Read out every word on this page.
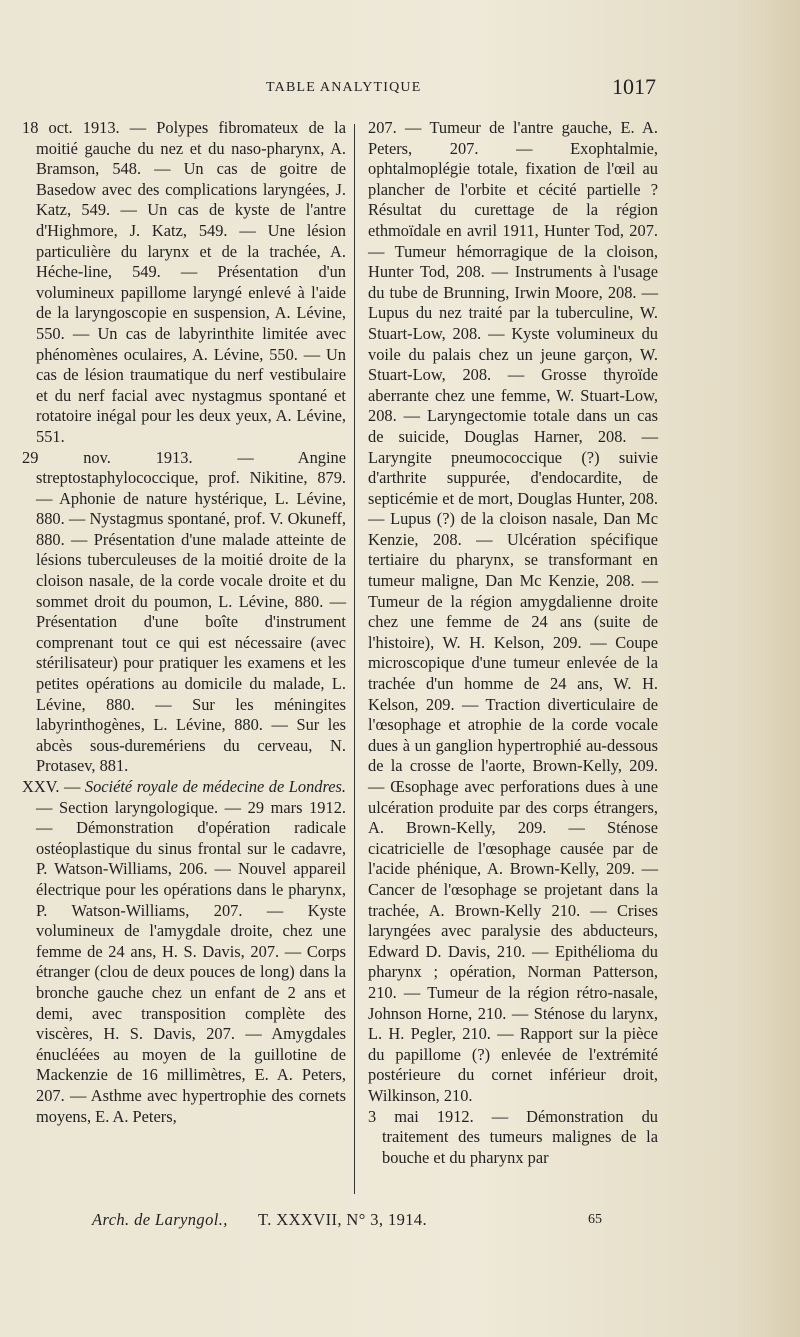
TABLE ANALYTIQUE	1017

18 oct. 1913. — Polypes fibromateux de la moitié gauche du nez et du naso-pharynx, A. Bramson, 548. — Un cas de goitre de Basedow avec des complications laryngées, J. Katz, 549. — Un cas de kyste de l'antre d'Highmore, J. Katz, 549. — Une lésion particulière du larynx et de la trachée, A. Héche-line, 549. — Présentation d'un volumineux papillome laryngé enlevé à l'aide de la laryngoscopie en suspension, A. Lévine, 550. — Un cas de labyrinthite limitée avec phénomènes oculaires, A. Lévine, 550. — Un cas de lésion traumatique du nerf vestibulaire et du nerf facial avec nystagmus spontané et rotatoire inégal pour les deux yeux, A. Lévine, 551.

29 nov. 1913. — Angine streptostaphylococcique, prof. Nikitine, 879. — Aphonie de nature hystérique, L. Lévine, 880. — Nystagmus spontané, prof. V. Okuneff, 880. — Présentation d'une malade atteinte de lésions tuberculeuses de la moitié droite de la cloison nasale, de la corde vocale droite et du sommet droit du poumon, L. Lévine, 880. — Présentation d'une boîte d'instrument comprenant tout ce qui est nécessaire (avec stérilisateur) pour pratiquer les examens et les petites opérations au domicile du malade, L. Lévine, 880. — Sur les méningites labyrinthogènes, L. Lévine, 880. — Sur les abcès sous-duremériens du cerveau, N. Protasev, 881.

XXV. — Société royale de médecine de Londres. — Section laryngologique. — 29 mars 1912. — Démonstration d'opération radicale ostéoplastique du sinus frontal sur le cadavre, P. Watson-Williams, 206. — Nouvel appareil électrique pour les opérations dans le pharynx, P. Watson-Williams, 207. — Kyste volumineux de l'amygdale droite, chez une femme de 24 ans, H. S. Davis, 207. — Corps étranger (clou de deux pouces de long) dans la bronche gauche chez un enfant de 2 ans et demi, avec transposition complète des viscères, H. S. Davis, 207. — Amygdales énucléées au moyen de la guillotine de Mackenzie de 16 millimètres, E. A. Peters, 207. — Asthme avec hypertrophie des cornets moyens, E. A. Peters,

207. — Tumeur de l'antre gauche, E. A. Peters, 207. — Exophtalmie, ophtalmoplégie totale, fixation de l'œil au plancher de l'orbite et cécité partielle ? Résultat du curettage de la région ethmoïdale en avril 1911, Hunter Tod, 207. — Tumeur hémorragique de la cloison, Hunter Tod, 208. — Instruments à l'usage du tube de Brunning, Irwin Moore, 208. — Lupus du nez traité par la tuberculine, W. Stuart-Low, 208. — Kyste volumineux du voile du palais chez un jeune garçon, W. Stuart-Low, 208. — Grosse thyroïde aberrante chez une femme, W. Stuart-Low, 208. — Laryngectomie totale dans un cas de suicide, Douglas Harner, 208. — Laryngite pneumococcique (?) suivie d'arthrite suppurée, d'endocardite, de septicémie et de mort, Douglas Hunter, 208. — Lupus (?) de la cloison nasale, Dan Mc Kenzie, 208. — Ulcération spécifique tertiaire du pharynx, se transformant en tumeur maligne, Dan Mc Kenzie, 208. — Tumeur de la région amygdalienne droite chez une femme de 24 ans (suite de l'histoire), W. H. Kelson, 209. — Coupe microscopique d'une tumeur enlevée de la trachée d'un homme de 24 ans, W. H. Kelson, 209. — Traction diverticulaire de l'œsophage et atrophie de la corde vocale dues à un ganglion hypertrophié au-dessous de la crosse de l'aorte, Brown-Kelly, 209. — Œsophage avec perforations dues à une ulcération produite par des corps étrangers, A. Brown-Kelly, 209. — Sténose cicatricielle de l'œsophage causée par de l'acide phénique, A. Brown-Kelly, 209. — Cancer de l'œsophage se projetant dans la trachée, A. Brown-Kelly 210. — Crises laryngées avec paralysie des abducteurs, Edward D. Davis, 210. — Epithélioma du pharynx ; opération, Norman Patterson, 210. — Tumeur de la région rétro-nasale, Johnson Horne, 210. — Sténose du larynx, L. H. Pegler, 210. — Rapport sur la pièce du papillome (?) enlevée de l'extrémité postérieure du cornet inférieur droit, Wilkinson, 210.

3 mai 1912. — Démonstration du traitement des tumeurs malignes de la bouche et du pharynx par

Arch. de Laryngol., T. XXXVII, N° 3, 1914.	65
